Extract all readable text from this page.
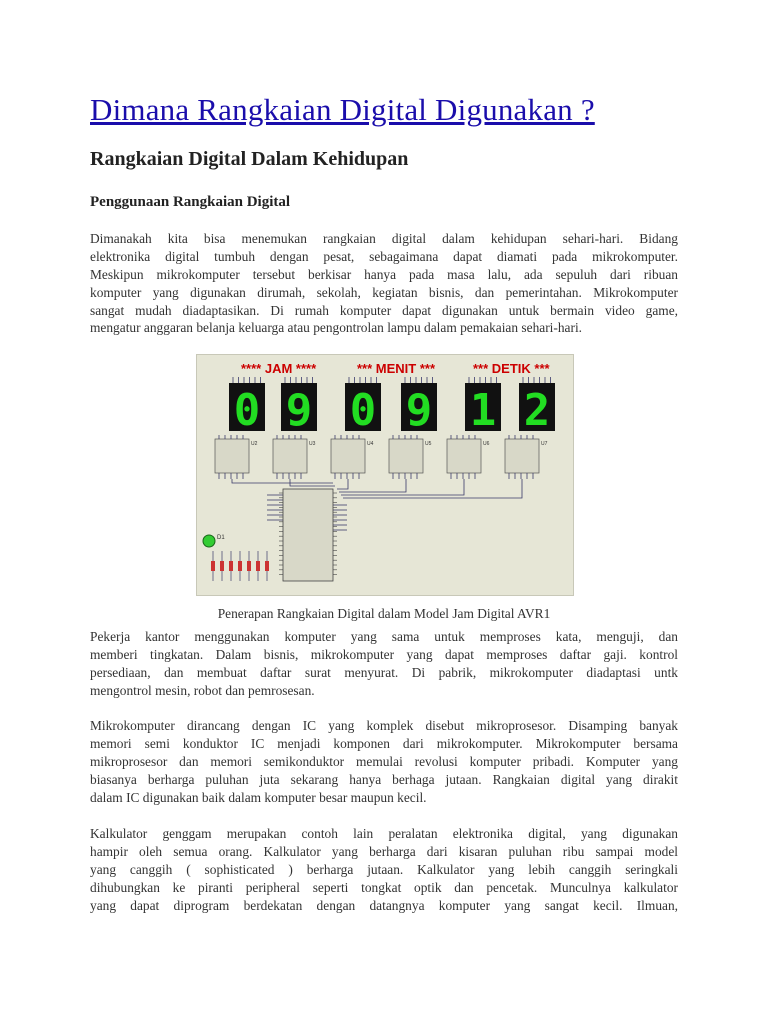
Dimana Rangkaian Digital Digunakan ?
Rangkaian Digital Dalam Kehidupan
Penggunaan Rangkaian Digital
Dimanakah kita bisa menemukan rangkaian digital dalam kehidupan sehari-hari. Bidang
elektronika digital tumbuh dengan pesat, sebagaimana dapat diamati pada mikrokomputer.
Meskipun mikrokomputer tersebut berkisar hanya pada masa lalu, ada sepuluh dari ribuan
komputer yang digunakan dirumah, sekolah, kegiatan bisnis, dan pemerintahan. Mikrokomputer
sangat mudah diadaptasikan. Di rumah komputer dapat digunakan untuk bermain video game,
mengatur anggaran belanja keluarga atau pengontrolan lampu dalam pemakaian sehari-hari.
**** JAM ****	*** MENIT ***	*** DETIK ***
0 9 0 9 1 2
U2	U3	U4	U5	U6	U7
D1
Penerapan Rangkaian Digital dalam Model Jam Digital AVR1
Pekerja kantor menggunakan komputer yang sama untuk memproses kata, menguji, dan
memberi tingkatan. Dalam bisnis, mikrokomputer yang dapat memproses daftar gaji. kontrol
persediaan, dan membuat daftar surat menyurat. Di pabrik, mikrokomputer diadaptasi untk
mengontrol mesin, robot dan pemrosesan.
Mikrokomputer dirancang dengan IC yang komplek disebut mikroprosesor. Disamping banyak
memori semi konduktor IC menjadi komponen dari mikrokomputer. Mikrokomputer bersama
mikroprosesor dan memori semikonduktor memulai revolusi komputer pribadi. Komputer yang
biasanya berharga puluhan juta sekarang hanya berhaga jutaan. Rangkaian digital yang dirakit
dalam IC digunakan baik dalam komputer besar maupun kecil.
Kalkulator genggam merupakan contoh lain peralatan elektronika digital, yang digunakan
hampir oleh semua orang. Kalkulator yang berharga dari kisaran puluhan ribu sampai model
yang canggih ( sophisticated ) berharga jutaan. Kalkulator yang lebih canggih seringkali
dihubungkan ke piranti peripheral seperti tongkat optik dan pencetak. Munculnya kalkulator
yang dapat diprogram berdekatan dengan datangnya komputer yang sangat kecil. Ilmuan,
